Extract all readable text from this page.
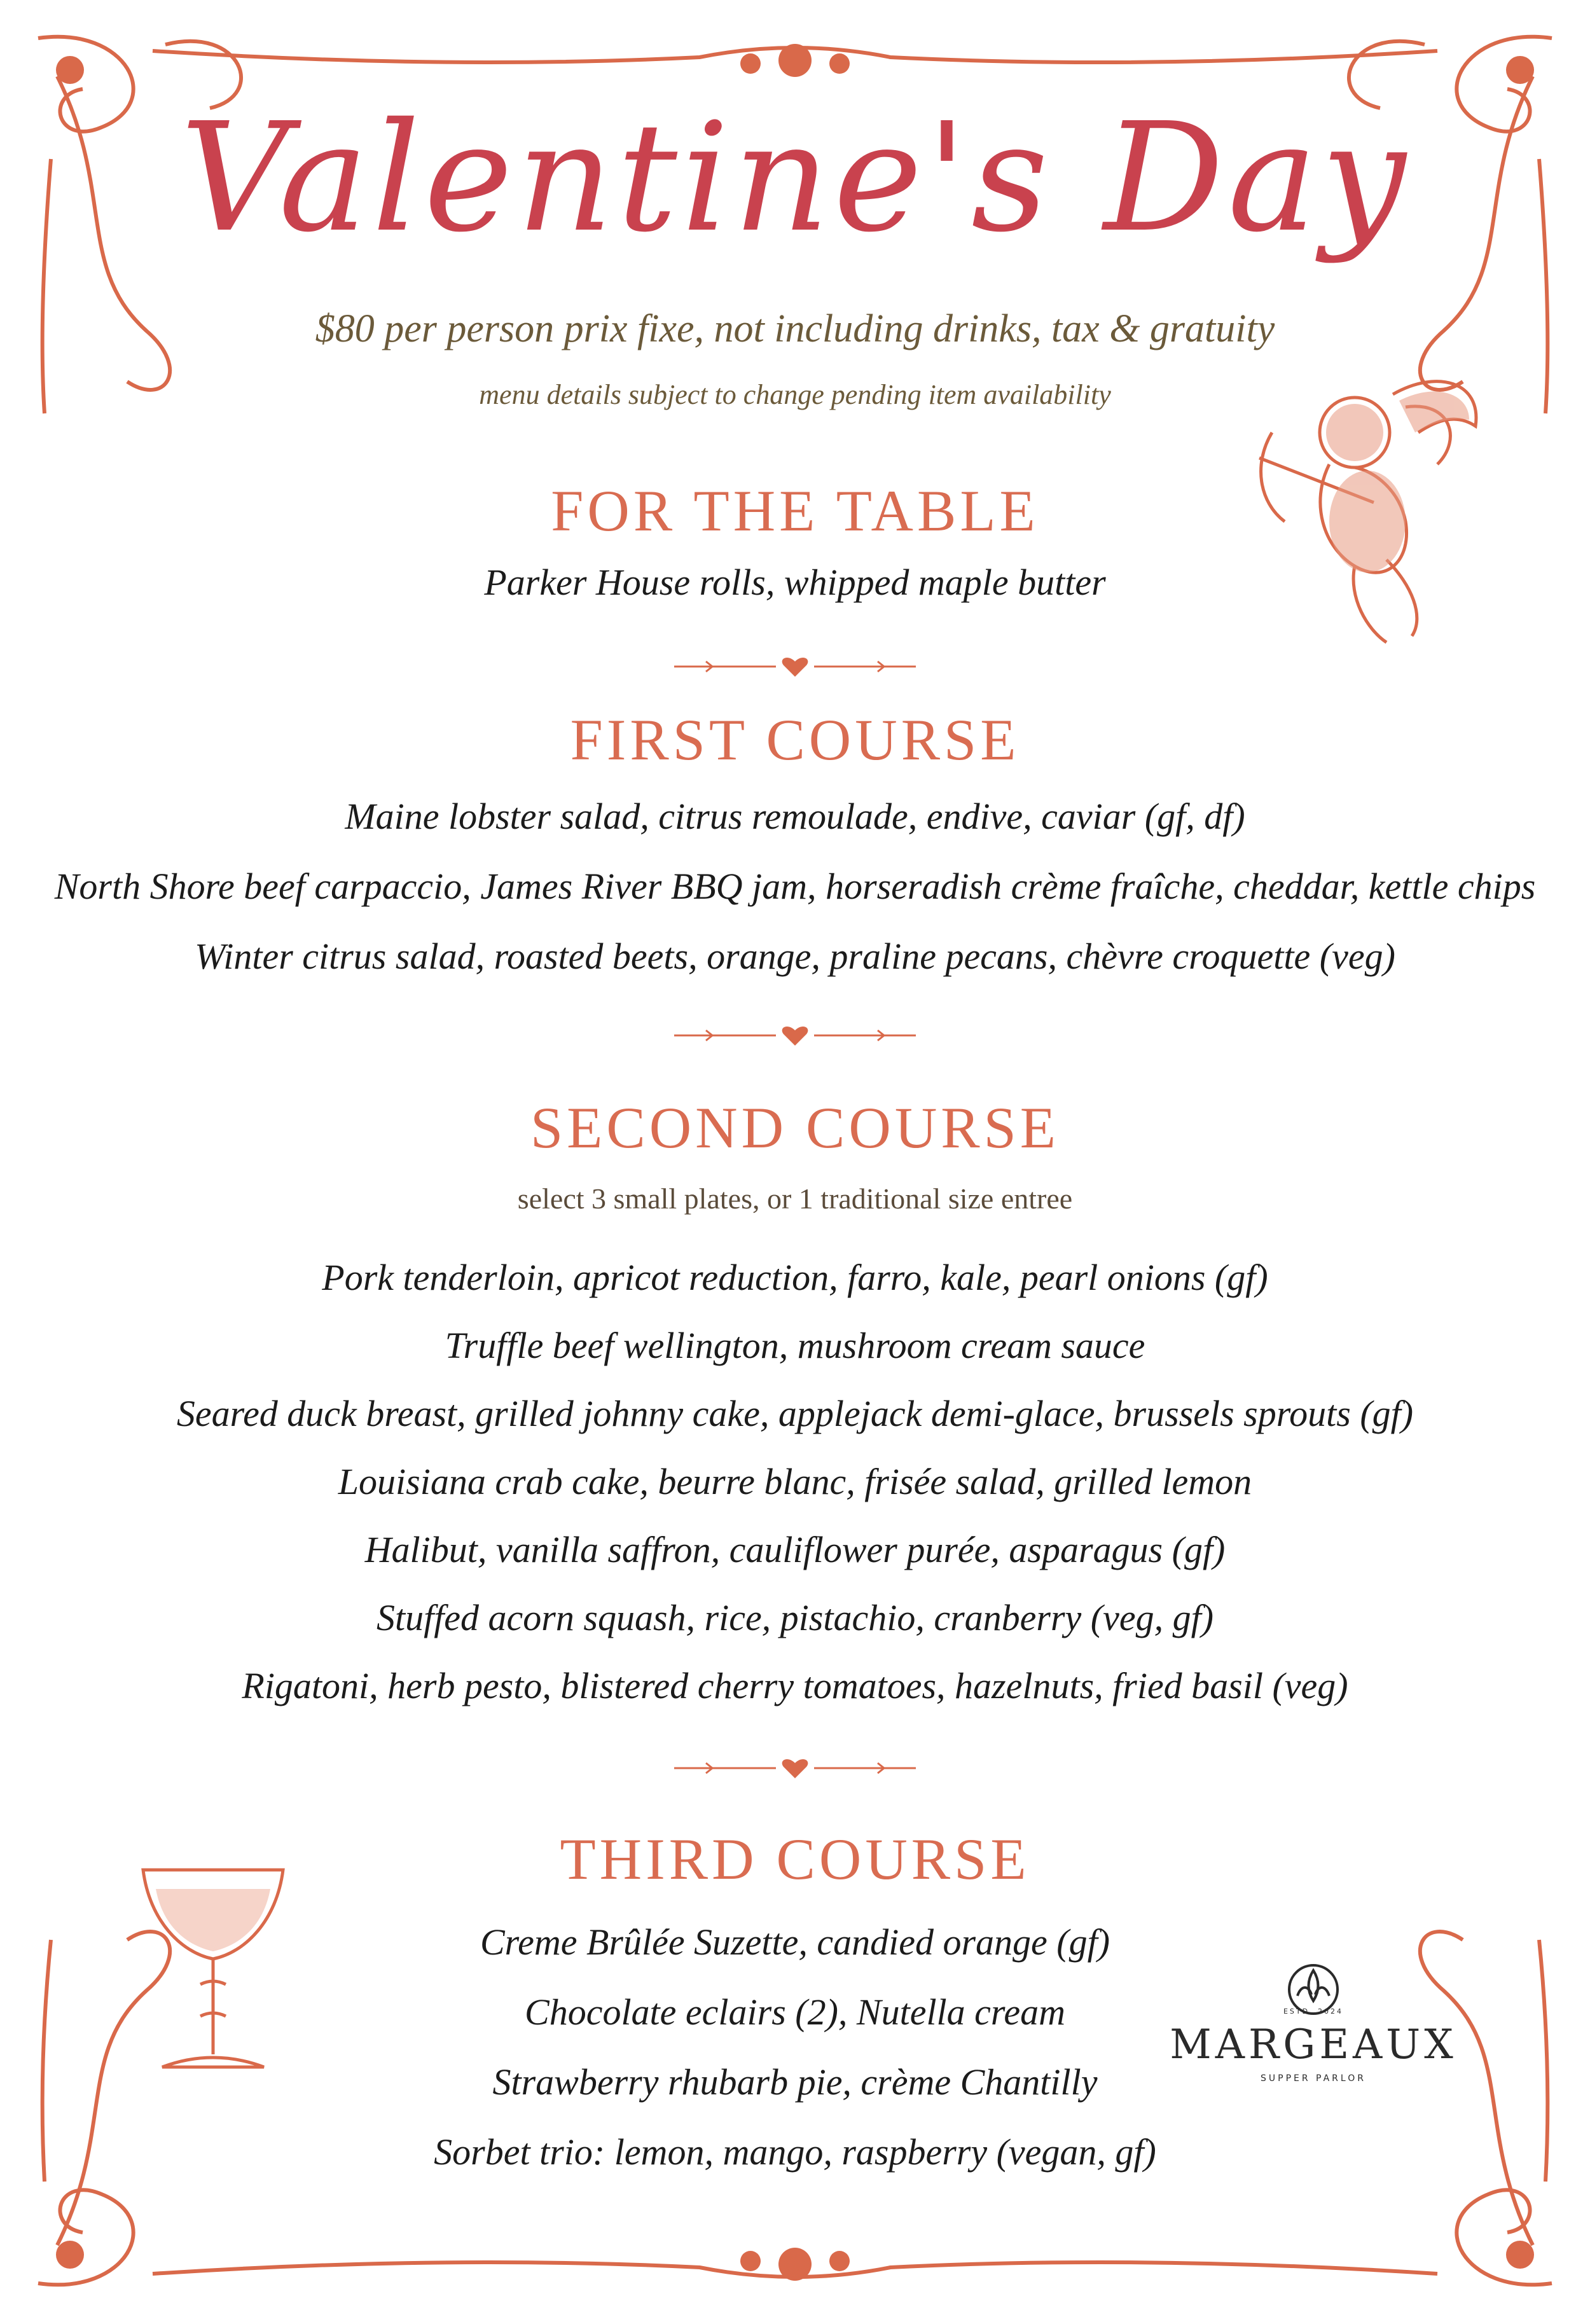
Valentine's Day
$80 per person prix fixe, not including drinks, tax & gratuity
menu details subject to change pending item availability
FOR THE TABLE
Parker House rolls, whipped maple butter
FIRST COURSE
Maine lobster salad, citrus remoulade, endive, caviar (gf, df)
North Shore beef carpaccio, James River BBQ jam, horseradish crème fraîche, cheddar, kettle chips
Winter citrus salad, roasted beets, orange, praline pecans, chèvre croquette (veg)
SECOND COURSE
select 3 small plates, or 1 traditional size entree
Pork tenderloin, apricot reduction, farro, kale, pearl onions (gf)
Truffle beef wellington, mushroom cream sauce
Seared duck breast, grilled johnny cake, applejack demi-glace, brussels sprouts (gf)
Louisiana crab cake, beurre blanc, frisée salad, grilled lemon
Halibut, vanilla saffron, cauliflower purée, asparagus (gf)
Stuffed acorn squash, rice, pistachio, cranberry (veg, gf)
Rigatoni, herb pesto, blistered cherry tomatoes, hazelnuts, fried basil (veg)
THIRD COURSE
Creme Brûlée Suzette, candied orange (gf)
Chocolate eclairs (2), Nutella cream
Strawberry rhubarb pie, crème Chantilly
Sorbet trio: lemon, mango, raspberry (vegan, gf)
ESTD. 2024
MARGEAUX
SUPPER PARLOR
